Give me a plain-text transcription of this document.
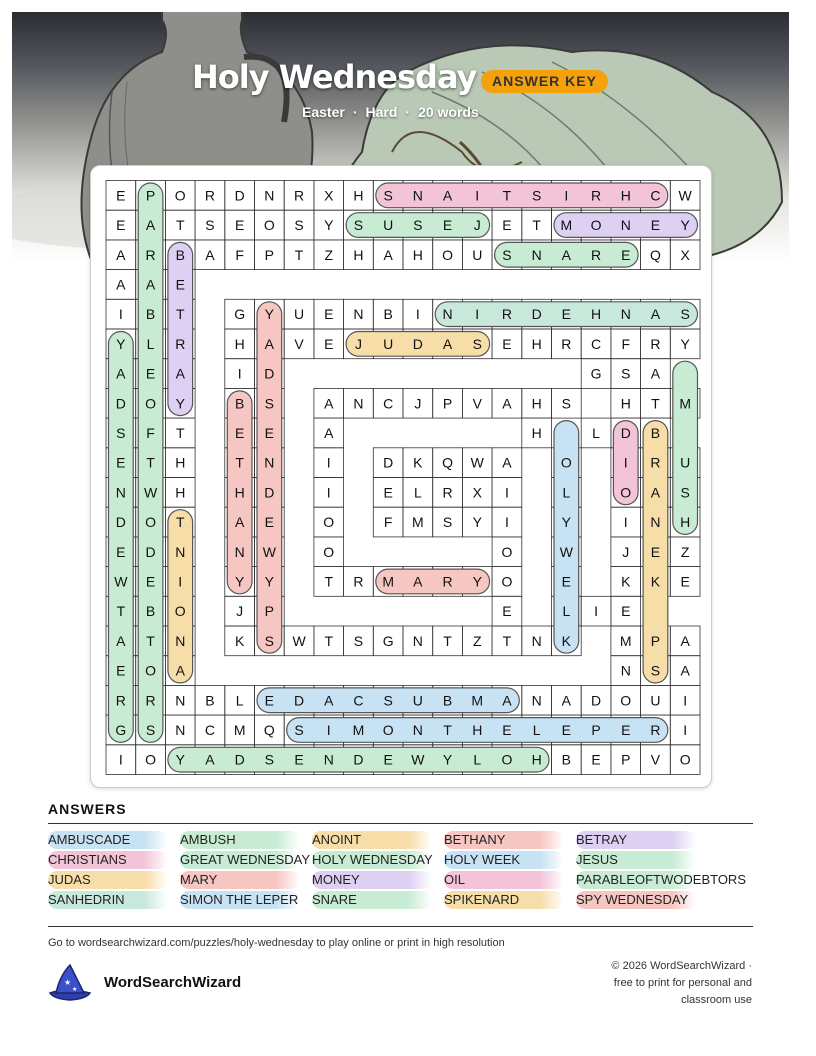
Holy Wednesday	ANSWER KEY
Easter · Hard · 20 words
E P O R D N R X H S N A I T S I R H C W
E A T S E O S Y S U S E J E T M O N E Y
A R B A F P T Z H A H O U S N A R E Q X
A A E
I B T	G Y U E N B I N I R D E H N A S
Y L R	H A V E J U D A S E H R C F R Y
A E A	I D	G S A
D O Y	B S	A N C J P V A H S	H T M
S F T	E E	A	H	L D B
E T H	T N	I	D K Q W A	O	I R U
N W H	H D	I	E L R X I	L	O A S
D O T	A E	O	F M S Y I	Y	I N H
E D N	N W	O	O	W	J E Z
W E I	Y Y	T R M A R Y O	E	K K E
T B O	J P	E	L I E
A T N	K S W T S G N T Z T N K	M P A
E O A	N S A
R R N B L E D A C S U B M A N A D O U I
G S N C M Q S I M O N T H E L E P E R I
I O Y A D S E N D E W Y L O H B E P V O
ANSWERS
AMBUSCADE	AMBUSH	ANOINT	BETHANY	BETRAY
CHRISTIANS	GREAT WEDNESDAY HOLY WEDNESDAY HOLY WEEK	JESUS
JUDAS	MARY	MONEY	OIL	PARABLEOFTWODEBTORS
SANHEDRIN	SIMON THE LEPER SNARE	SPIKENARD	SPY WEDNESDAY

Go to wordsearchwizard.com/puzzles/holy-wednesday to play online or print in high resolution

★
★ WordSearchWizard
© 2026 WordSearchWizard ·
free to print for personal and
classroom use
